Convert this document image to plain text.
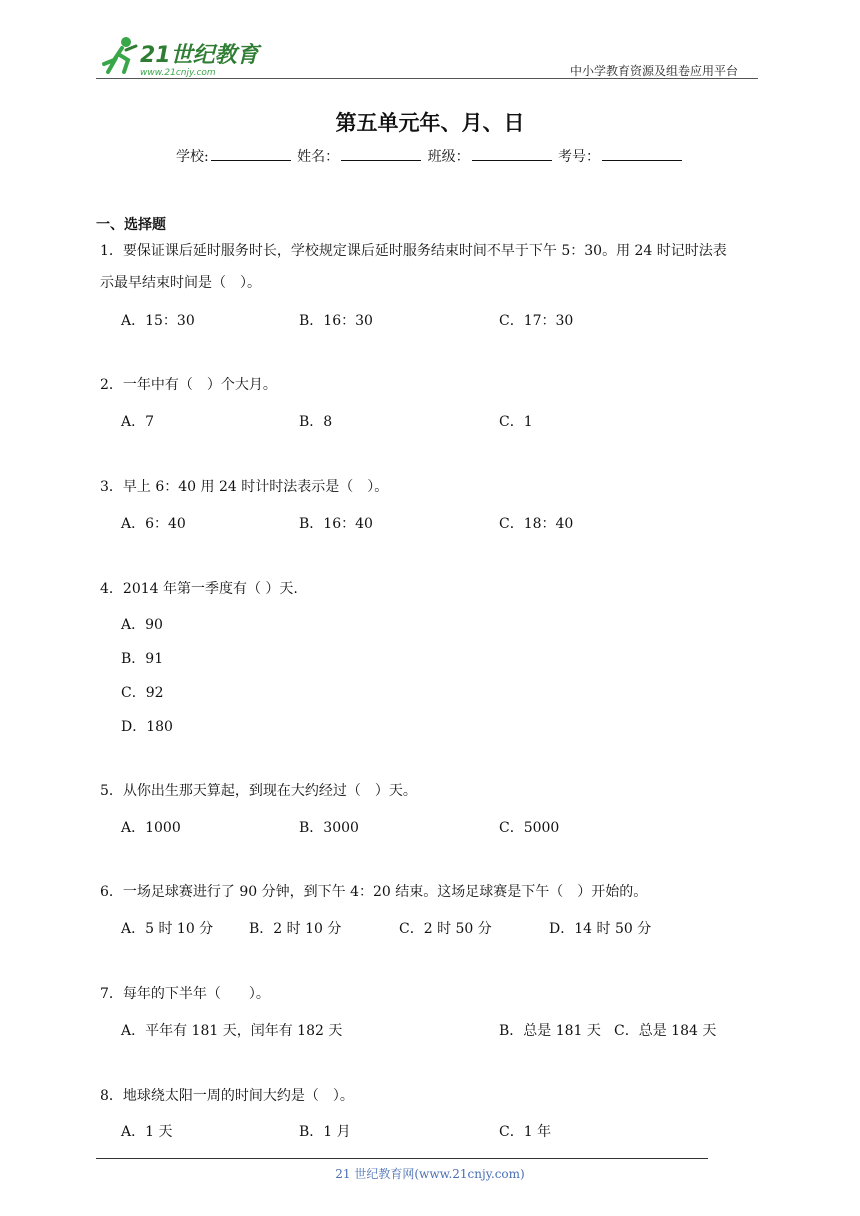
21世纪教育
www.21cnjy.com	中小学教育资源及组卷应用平台
第五单元年、月、日
学校:	姓名：	班级：	考号：
一、选择题
1．要保证课后延时服务时长，学校规定课后延时服务结束时间不早于下午 5：30。用 24 时记时法表
示最早结束时间是（　）。
A．15：30	B．16：30	C．17：30
2．一年中有（　）个大月。
A．7	B．8	C．1
3．早上 6：40 用 24 时计时法表示是（　）。
A．6：40	B．16：40	C．18：40
4．2014 年第一季度有（ ）天.
A．90
B．91
C．92
D．180
5．从你出生那天算起，到现在大约经过（　）天。
A．1000	B．3000	C．5000
6．一场足球赛进行了 90 分钟，到下午 4：20 结束。这场足球赛是下午（　）开始的。
A．5 时 10 分	B．2 时 10 分	C．2 时 50 分	D．14 时 50 分
7．每年的下半年（　　）。
A．平年有 181 天，闰年有 182 天	B．总是 181 天 C．总是 184 天
8．地球绕太阳一周的时间大约是（　）。
A．1 天	B．1 月	C．1 年
21 世纪教育网(www.21cnjy.com)
